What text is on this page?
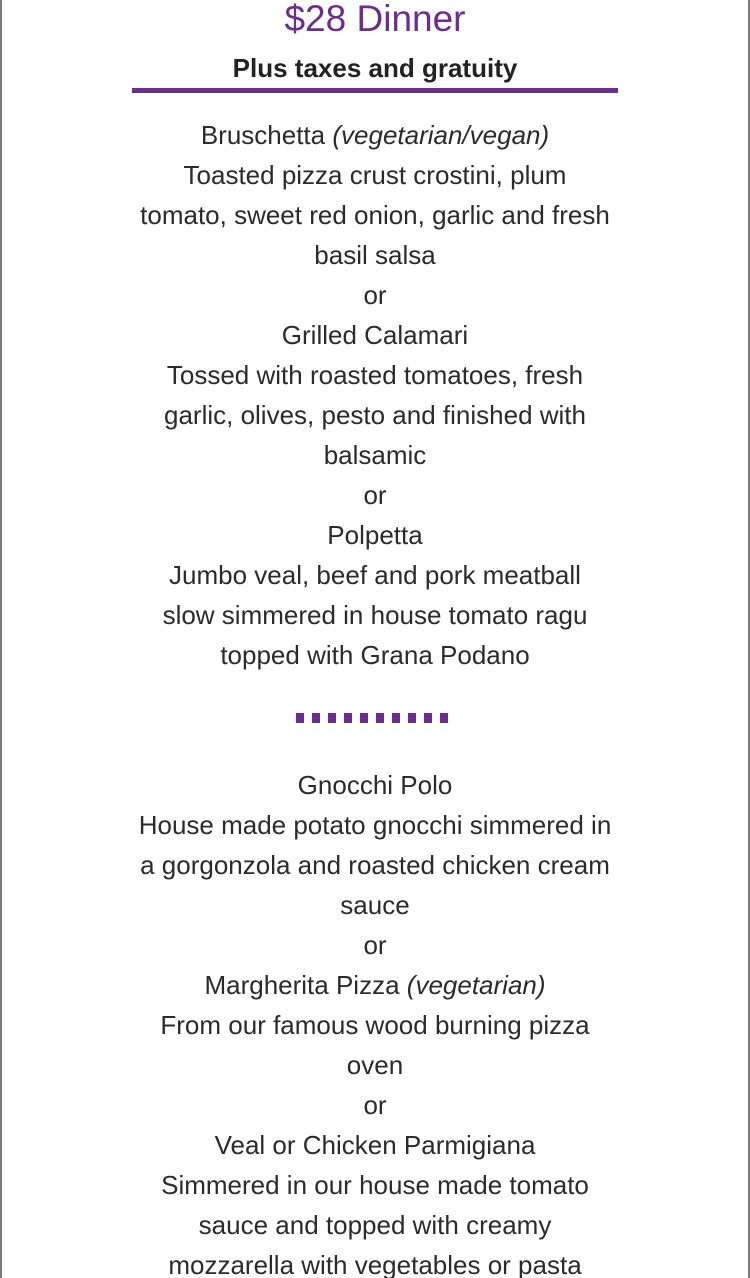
$28 Dinner
Plus taxes and gratuity

Bruschetta (vegetarian/vegan)

Toasted pizza crust crostini, plum tomato, sweet red onion, garlic and fresh basil salsa

or

Grilled Calamari

Tossed with roasted tomatoes, fresh garlic, olives, pesto and finished with balsamic

or

Polpetta

Jumbo veal, beef and pork meatball slow simmered in house tomato ragu topped with Grana Podano

Gnocchi Polo

House made potato gnocchi simmered in a gorgonzola and roasted chicken cream sauce

or

Margherita Pizza (vegetarian)

From our famous wood burning pizza oven

or

Veal or Chicken Parmigiana

Simmered in our house made tomato sauce and topped with creamy mozzarella with vegetables or pasta
